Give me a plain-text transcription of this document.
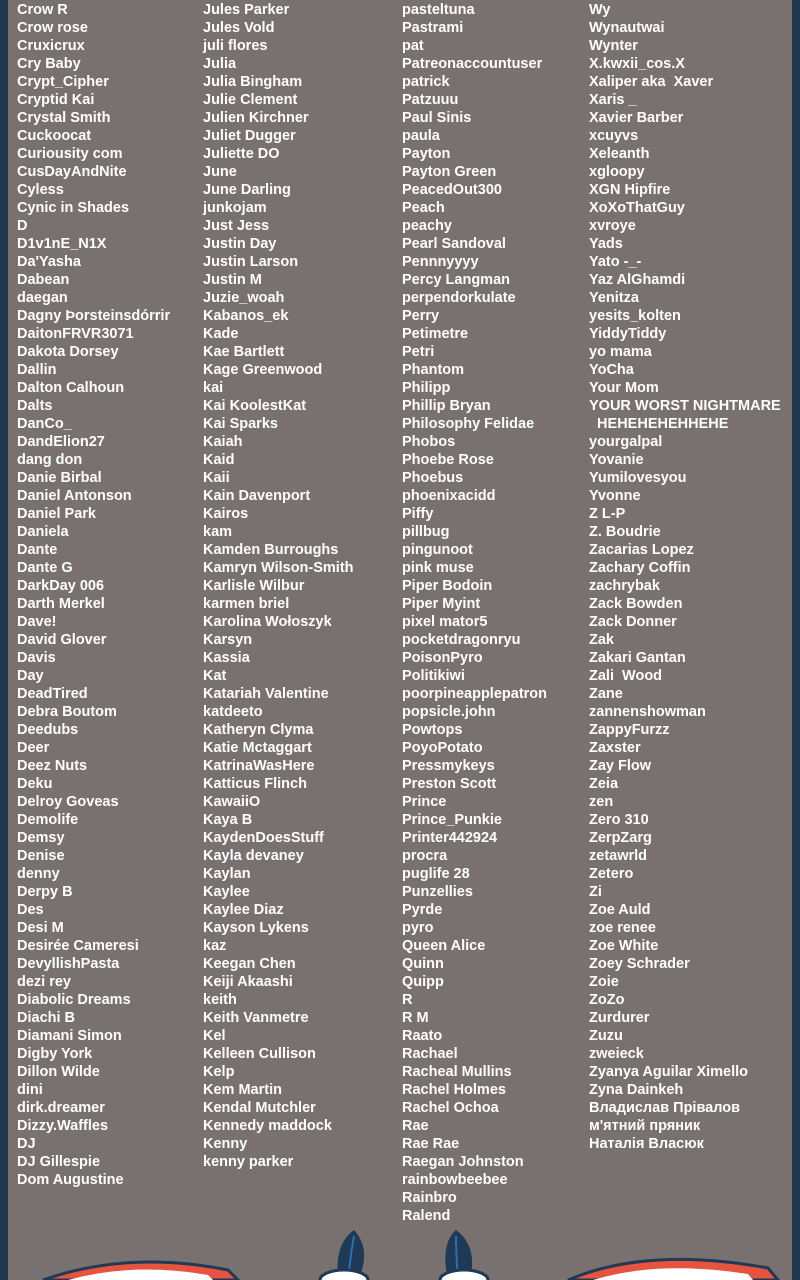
Crow R
Crow rose
Cruxicrux
Cry Baby
Crypt_Cipher
Cryptid Kai
Crystal Smith
Cuckoocat
Curiousity com
CusDayAndNite
Cyless
Cynic in Shades
D
D1v1nE_N1X
Da'Yasha
Dabean
daegan
Dagny Þorsteinsdórrir
DaitonFRVR3071
Dakota Dorsey
Dallin
Dalton Calhoun
Dalts
DanCo_
DandElion27
dang don
Danie Birbal
Daniel Antonson
Daniel Park
Daniela
Dante
Dante G
DarkDay 006
Darth Merkel
Dave!
David Glover
Davis
Day
DeadTired
Debra Boutom
Deedubs
Deer
Deez Nuts
Deku
Delroy Goveas
Demolife
Demsy
Denise
denny
Derpy B
Des
Desi M
Desirée Cameresi
DevyllishPasta
dezi rey
Diabolic Dreams
Diachi B
Diamani Simon
Digby York
Dillon Wilde
dini
dirk.dreamer
Dizzy.Waffles
DJ
DJ Gillespie
Dom Augustine
Jules Parker
Jules Vold
juli flores
Julia
Julia Bingham
Julie Clement
Julien Kirchner
Juliet Dugger
Juliette DO
June
June Darling
junkojam
Just Jess
Justin Day
Justin Larson
Justin M
Juzie_woah
Kabanos_ek
Kade
Kae Bartlett
Kage Greenwood
kai
Kai KoolestKat
Kai Sparks
Kaiah
Kaid
Kaii
Kain Davenport
Kairos
kam
Kamden Burroughs
Kamryn Wilson-Smith
Karlisle Wilbur
karmen briel
Karolina Wołoszyk
Karsyn
Kassia
Kat
Katariah Valentine
katdeeto
Katheryn Clyma
Katie Mctaggart
KatrinaWasHere
Katticus Flinch
KawaiiO
Kaya B
KaydenDoesStuff
Kayla devaney
Kaylan
Kaylee
Kaylee Diaz
Kayson Lykens
kaz
Keegan Chen
Keiji Akaashi
keith
Keith Vanmetre
Kel
Kelleen Cullison
Kelp
Kem Martin
Kendal Mutchler
Kennedy maddock
Kenny
kenny parker
pasteltuna
Pastrami
pat
Patreonaccountuser
patrick
Patzuuu
Paul Sinis
paula
Payton
Payton Green
PeacedOut300
Peach
peachy
Pearl Sandoval
Pennnyyyy
Percy Langman
perpendorkulate
Perry
Petimetre
Petri
Phantom
Philipp
Phillip Bryan
Philosophy Felidae
Phobos
Phoebe Rose
Phoebus
phoenixacidd
Piffy
pillbug
pingunoot
pink muse
Piper Bodoin
Piper Myint
pixel mator5
pocketdragonryu
PoisonPyro
Politikiwi
poorpineapplepatron
popsicle.john
Powtops
PoyoPotato
Pressmykeys
Preston Scott
Prince
Prince_Punkie
Printer442924
procra
puglife 28
Punzellies
Pyrde
pyro
Queen Alice
Quinn
Quipp
R
R M
Raato
Rachael
Racheal Mullins
Rachel Holmes
Rachel Ochoa
Rae
Rae Rae
Raegan Johnston
rainbowbeebee
Rainbro
Ralend
Wy
Wynautwai
Wynter
X.kwxii_cos.X
Xaliper aka  Xaver
Xaris _
Xavier Barber
xcuyvs
Xeleanth
xgloopy
XGN Hipfire
XoXoThatGuy
xvroye
Yads
Yato -_-
Yaz AlGhamdi
Yenitza
yesits_kolten
YiddyTiddy
yo mama
YoCha
Your Mom
YOUR WORST NIGHTMARE
HEHEHEHEHHEHE
yourgalpal
Yovanie
Yumilovesyou
Yvonne
Z L-P
Z. Boudrie
Zacarias Lopez
Zachary Coffin
zachrybak
Zack Bowden
Zack Donner
Zak
Zakari Gantan
Zali  Wood
Zane
zannenshowman
ZappyFurzz
Zaxster
Zay Flow
Zeia
zen
Zero 310
ZerpZarg
zetawrld
Zetero
Zi
Zoe Auld
zoe renee
Zoe White
Zoey Schrader
Zoie
ZoZo
Zurdurer
Zuzu
zweieck
Zyanya Aguilar Ximello
Zyna Dainkeh
Владислав Прівалов
м'ятний пряник
Наталія Власюк
